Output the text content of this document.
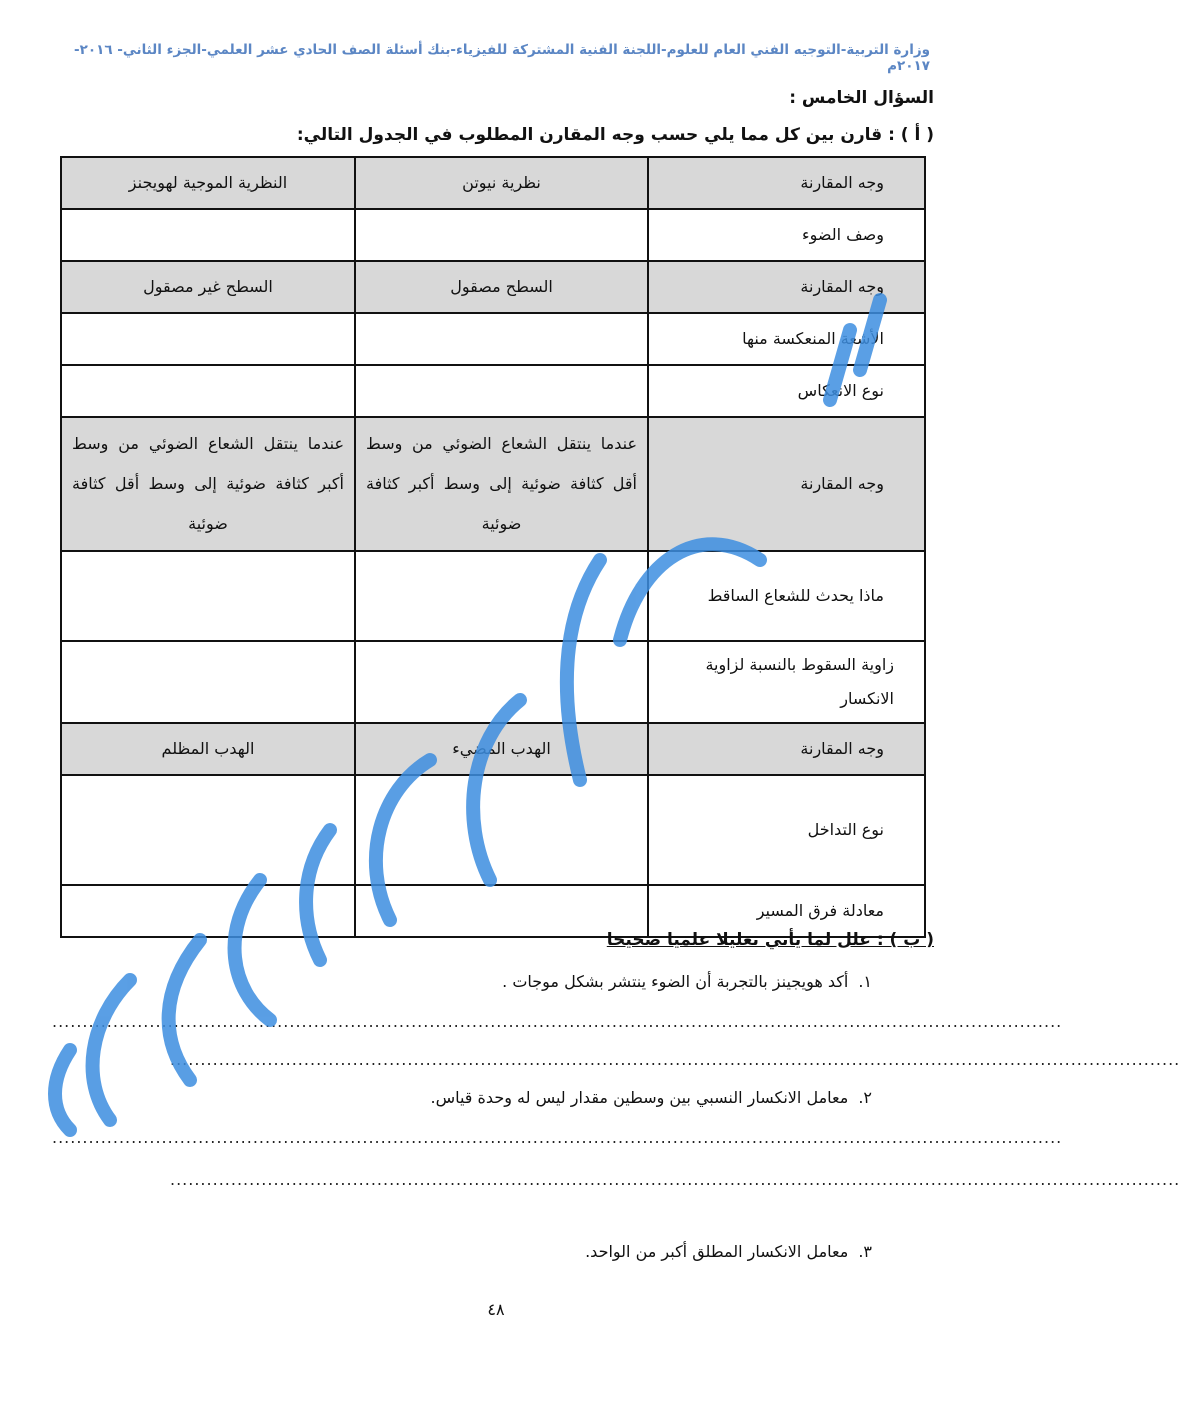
وزارة التربية-التوجيه الفني العام للعلوم-اللجنة الفنية المشتركة للفيزياء-بنك أسئلة الصف الحادي عشر العلمي-الجزء الثاني- ٢٠١٦- ٢٠١٧م
السؤال الخامس :
( أ ) : قارن بين كل مما يلي حسب وجه المقارن المطلوب في الجدول التالي:
وجه المقارنة	نظرية نيوتن	النظرية الموجية لهويجنز
وصف الضوء		
وجه المقارنة	السطح مصقول	السطح غير مصقول
الأشعة المنعكسة منها		
نوع الانعكاس		
وجه المقارنة	عندما ينتقل الشعاع الضوئي من وسط أقل كثافة ضوئية إلى وسط أكبر كثافة ضوئية	عندما ينتقل الشعاع الضوئي من وسط أكبر كثافة ضوئية إلى وسط أقل كثافة ضوئية
ماذا يحدث للشعاع الساقط		
زاوية السقوط بالنسبة لزاوية الانكسار		
وجه المقارنة	الهدب المضيء	الهدب المظلم
نوع التداخل		
معادلة فرق المسير		
( ب ) : علل لما يأتي تعليلا علميا صحيحا
١.أكد هويجينز بالتجربة أن الضوء ينتشر بشكل موجات .
......................................................................................................................................................................
......................................................................................................................................................................
٢.معامل الانكسار النسبي بين وسطين مقدار ليس له وحدة قياس.
......................................................................................................................................................................
......................................................................................................................................................................
٣.معامل الانكسار المطلق أكبر من الواحد.
٤٨
